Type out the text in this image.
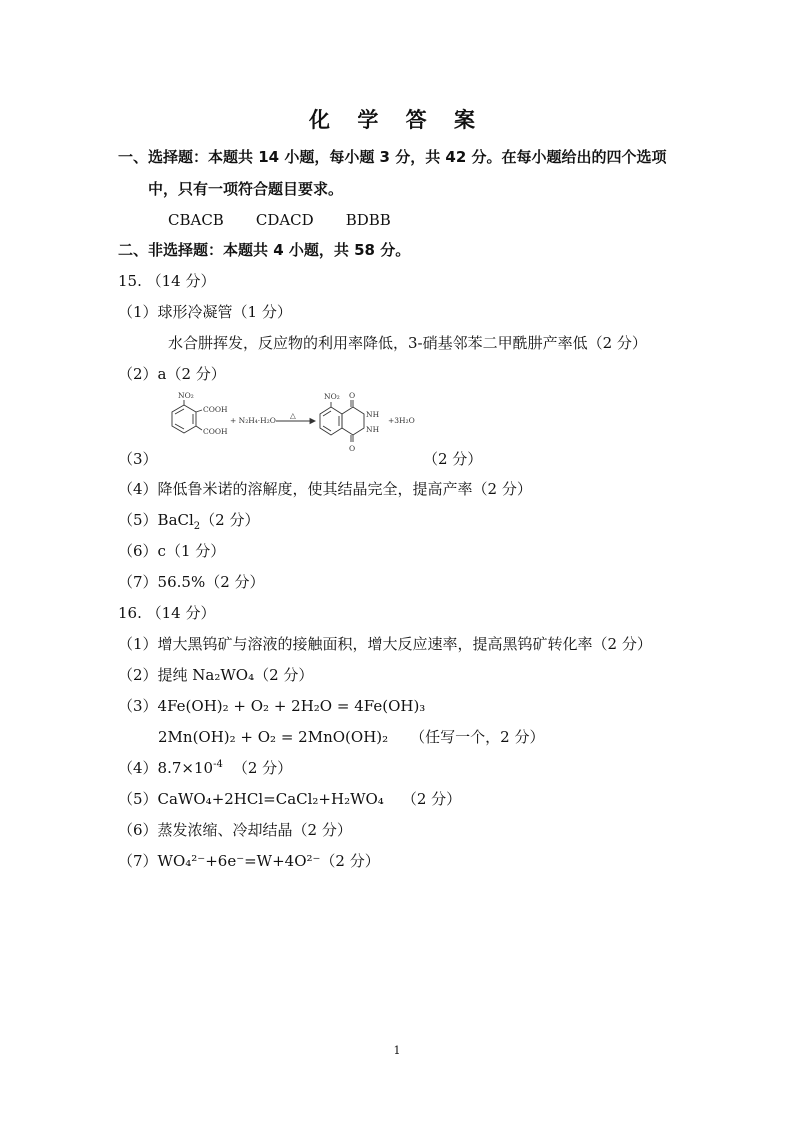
化 学 答 案
一、选择题：本题共 14 小题，每小题 3 分，共 42 分。在每小题给出的四个选项
中，只有一项符合题目要求。
CBACB CDACD BDBB
二、非选择题：本题共 4 小题，共 58 分。
15. （14 分）
（1）球形冷凝管（1 分）
水合肼挥发，反应物的利用率降低，3-硝基邻苯二甲酰肼产率低（2 分）
（2）a（2 分）
NO₂
COOH
COOH
+ N₂H₄·H₂O
△
NO₂ O
O
NH
NH
+3H₂O
（3）	（2 分）
（4）降低鲁米诺的溶解度，使其结晶完全，提高产率（2 分）
（5）BaCl$_2$（2 分）
（6）c（1 分）
（7）56.5%（2 分）
16. （14 分）
（1）增大黑钨矿与溶液的接触面积，增大反应速率，提高黑钨矿转化率（2 分）
（2）提纯 Na₂WO₄（2 分）
（3）4Fe(OH)₂ + O₂ + 2H₂O = 4Fe(OH)₃
2Mn(OH)₂ + O₂ = 2MnO(OH)₂ （任写一个，2 分）
$(4)8.7\times 10^{-4}$ （2 分）
（5）CaWO₄+2HCl=CaCl₂+H₂WO₄ （2 分）
（6）蒸发浓缩、冷却结晶（2 分）
（7）WO₄²⁻+6e⁻=W+4O²⁻（2 分）
1
